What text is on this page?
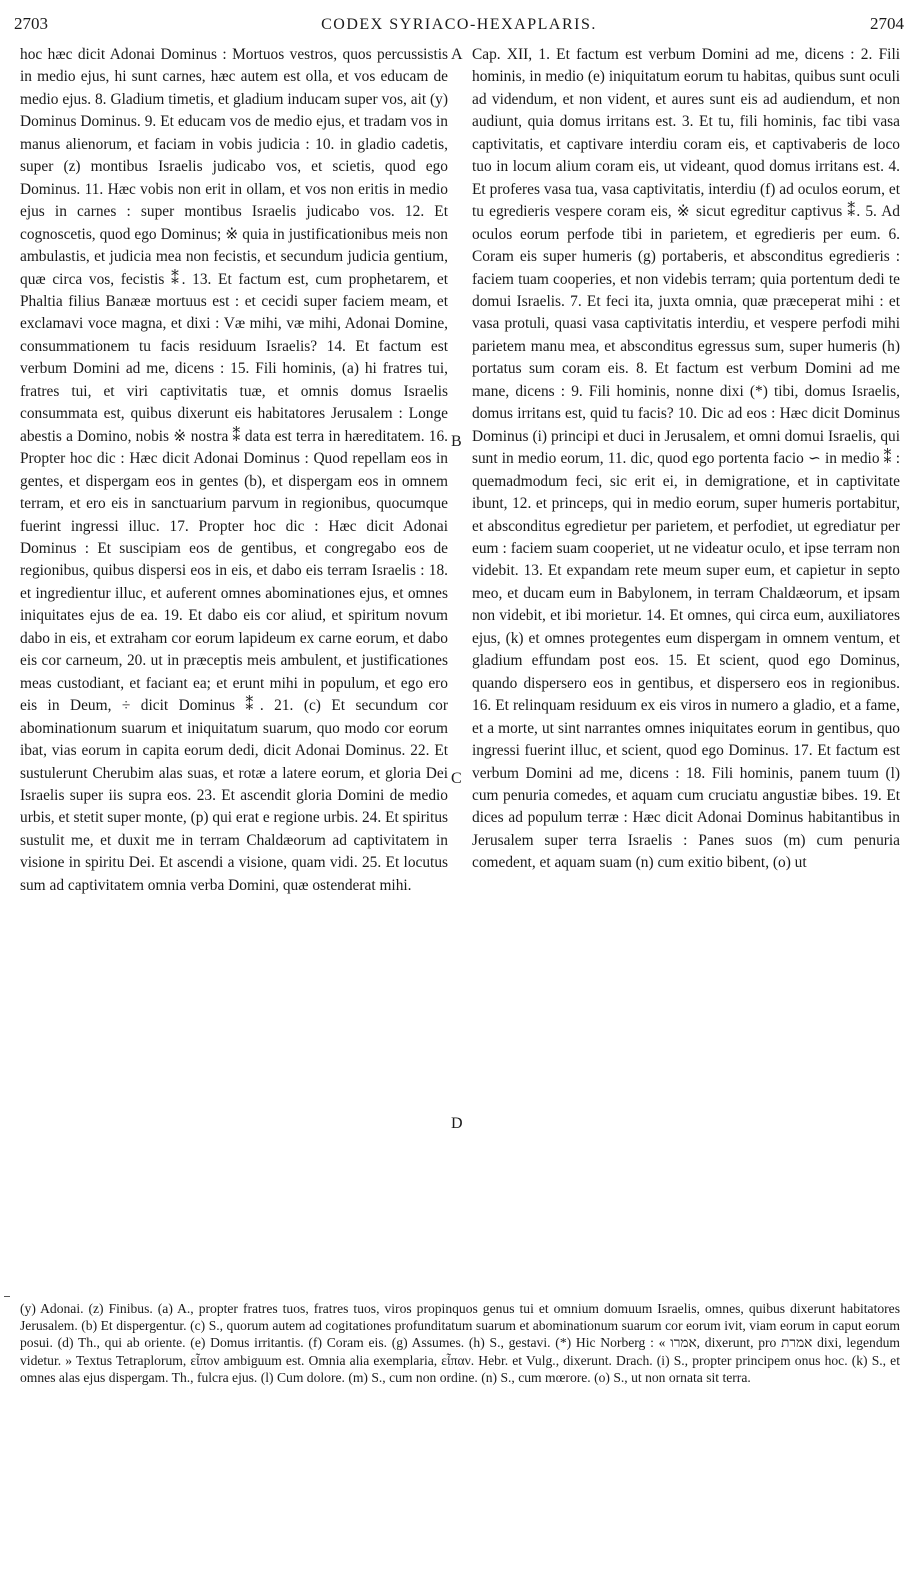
2703	CODEX SYRIACO-HEXAPLARIS.	2704
hoc hæc dicit Adonai Dominus : Mortuos vestros, quos percussistis in medio ejus, hi sunt carnes, hæc autem est olla, et vos educam de medio ejus. 8. Gladium timetis, et gladium inducam super vos, ait (y) Dominus Dominus. 9. Et educam vos de medio ejus, et tradam vos in manus alienorum, et faciam in vobis judicia : 10. in gladio cadetis, super (z) montibus Israelis judicabo vos, et scietis, quod ego Dominus. 11. Hæc vobis non erit in ollam, et vos non eritis in medio ejus in carnes : super montibus Israelis judicabo vos. 12. Et cognoscetis, quod ego Dominus; ※ quia in justificationibus meis non ambulastis, et judicia mea non fecistis, et secundum judicia gentium, quæ circa vos, fecistis ⁑. 13. Et factum est, cum prophetarem, et Phaltia filius Banææ mortuus est : et cecidi super faciem meam, et exclamavi voce magna, et dixi : Væ mihi, væ mihi, Adonai Domine, consummationem tu facis residuum Israelis? 14. Et factum est verbum Domini ad me, dicens : 15. Fili hominis, (a) hi fratres tui, fratres tui, et viri captivitatis tuæ, et omnis domus Israelis consummata est, quibus dixerunt eis habitatores Jerusalem : Longe abestis a Domino, nobis ※ nostra ⁑ data est terra in hæreditatem. 16. Propter hoc dic : Hæc dicit Adonai Dominus : Quod repellam eos in gentes, et dispergam eos in gentes (b), et dispergam eos in omnem terram, et ero eis in sanctuarium parvum in regionibus, quocumque fuerint ingressi illuc. 17. Propter hoc dic : Hæc dicit Adonai Dominus : Et suscipiam eos de gentibus, et congregabo eos de regionibus, quibus dispersi eos in eis, et dabo eis terram Israelis : 18. et ingredientur illuc, et auferent omnes abominationes ejus, et omnes iniquitates ejus de ea. 19. Et dabo eis cor aliud, et spiritum novum dabo in eis, et extraham cor eorum lapideum ex carne eorum, et dabo eis cor carneum, 20. ut in præceptis meis ambulent, et justificationes meas custodiant, et faciant ea; et erunt mihi in populum, et ego ero eis in Deum, ÷ dicit Dominus ⁑. 21. (c) Et secundum cor abominationum suarum et iniquitatum suarum, quo modo cor eorum ibat, vias eorum in capita eorum dedi, dicit Adonai Dominus. 22. Et sustulerunt Cherubim alas suas, et rotæ a latere eorum, et gloria Dei Israelis super iis supra eos. 23. Et ascendit gloria Domini de medio urbis, et stetit super monte, (p) qui erat e regione urbis. 24. Et spiritus sustulit me, et duxit me in terram Chaldæorum ad captivitatem in visione in spiritu Dei. Et ascendi a visione, quam vidi. 25. Et locutus sum ad captivitatem omnia verba Domini, quæ ostenderat mihi.
A
B
C
D
Cap. XII, 1. Et factum est verbum Domini ad me, dicens : 2. Fili hominis, in medio (e) iniquitatum eorum tu habitas, quibus sunt oculi ad videndum, et non vident, et aures sunt eis ad audiendum, et non audiunt, quia domus irritans est. 3. Et tu, fili hominis, fac tibi vasa captivitatis, et captivare interdiu coram eis, et captivaberis de loco tuo in locum alium coram eis, ut videant, quod domus irritans est. 4. Et proferes vasa tua, vasa captivitatis, interdiu (f) ad oculos eorum, et tu egredieris vespere coram eis, ※ sicut egreditur captivus ⁑. 5. Ad oculos eorum perfode tibi in parietem, et egredieris per eum. 6. Coram eis super humeris (g) portaberis, et absconditus egredieris : faciem tuam cooperies, et non videbis terram; quia portentum dedi te domui Israelis. 7. Et feci ita, juxta omnia, quæ præceperat mihi : et vasa protuli, quasi vasa captivitatis interdiu, et vespere perfodi mihi parietem manu mea, et absconditus egressus sum, super humeris (h) portatus sum coram eis. 8. Et factum est verbum Domini ad me mane, dicens : 9. Fili hominis, nonne dixi (*) tibi, domus Israelis, domus irritans est, quid tu facis? 10. Dic ad eos : Hæc dicit Dominus Dominus (i) principi et duci in Jerusalem, et omni domui Israelis, qui sunt in medio eorum, 11. dic, quod ego portenta facio ∽ in medio ⁑ : quemadmodum feci, sic erit ei, in demigratione, et in captivitate ibunt, 12. et princeps, qui in medio eorum, super humeris portabitur, et absconditus egredietur per parietem, et perfodiet, ut egrediatur per eum : faciem suam cooperiet, ut ne videatur oculo, et ipse terram non videbit. 13. Et expandam rete meum super eum, et capietur in septo meo, et ducam eum in Babylonem, in terram Chaldæorum, et ipsam non videbit, et ibi morietur. 14. Et omnes, qui circa eum, auxiliatores ejus, (k) et omnes protegentes eum dispergam in omnem ventum, et gladium effundam post eos. 15. Et scient, quod ego Dominus, quando dispersero eos in gentibus, et dispersero eos in regionibus. 16. Et relinquam residuum ex eis viros in numero a gladio, et a fame, et a morte, ut sint narrantes omnes iniquitates eorum in gentibus, quo ingressi fuerint illuc, et scient, quod ego Dominus. 17. Et factum est verbum Domini ad me, dicens : 18. Fili hominis, panem tuum (l) cum penuria comedes, et aquam cum cruciatu angustiæ bibes. 19. Et dices ad populum terræ : Hæc dicit Adonai Dominus habitantibus in Jerusalem super terra Israelis : Panes suos (m) cum penuria comedent, et aquam suam (n) cum exitio bibent, (o) ut
(y) Adonai. (z) Finibus. (a) A., propter fratres tuos, fratres tuos, viros propinquos genus tui et omnium domuum Israelis, omnes, quibus dixerunt habitatores Jerusalem. (b) Et dispergentur. (c) S., quorum autem ad cogitationes profunditatum suarum et abominationum suarum cor eorum ivit, viam eorum in caput eorum posui. (d) Th., qui ab oriente. (e) Domus irritantis. (f) Coram eis. (g) Assumes. (h) S., gestavi. (*) Hic Norberg : « אמרו, dixerunt, pro אמרת dixi, legendum videtur. » Textus Tetraplorum, εἶπον ambiguum est. Omnia alia exemplaria, εἶπαν. Hebr. et Vulg., dixerunt. Drach. (i) S., propter principem onus hoc. (k) S., et omnes alas ejus dispergam. Th., fulcra ejus. (l) Cum dolore. (m) S., cum non ordine. (n) S., cum mœrore. (o) S., ut non ornata sit terra.
